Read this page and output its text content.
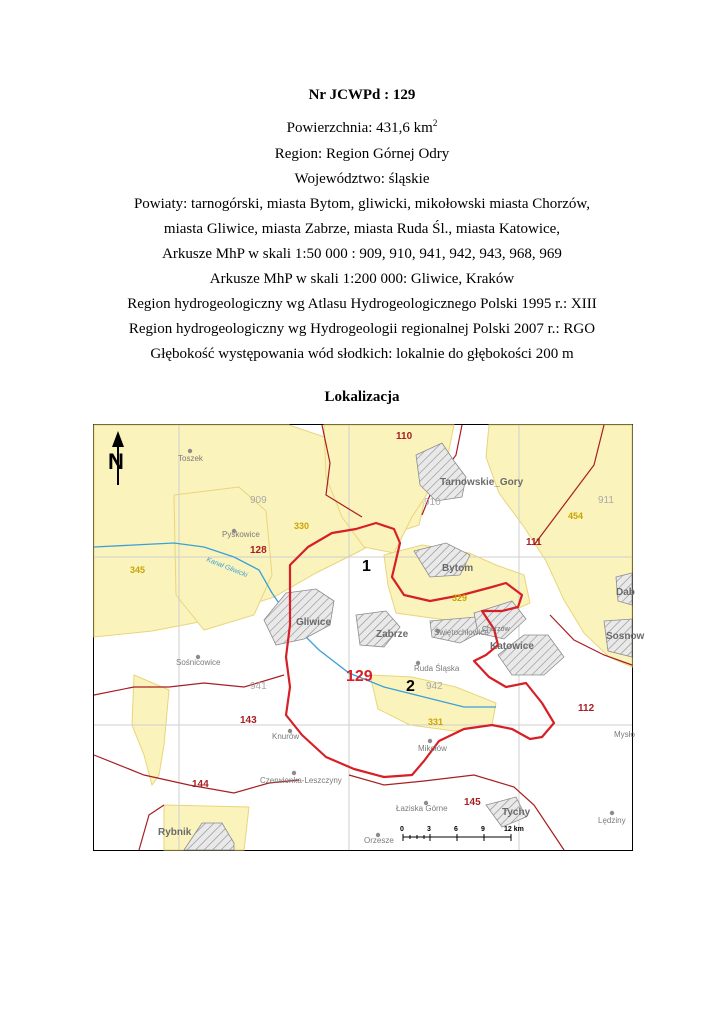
Nr JCWPd : 129
Powierzchnia: 431,6 $km^2$
Region: Region Górnej Odry
Województwo: śląskie
Powiaty: tarnogórski, miasta Bytom, gliwicki, mikołowski miasta Chorzów,
miasta Gliwice, miasta Zabrze, miasta Ruda Śl., miasta Katowice,
Arkusze MhP w skali 1:50 000 : 909, 910, 941, 942, 943, 968, 969
Arkusze MhP w skali 1:200 000: Gliwice, Kraków
Region hydrogeologiczny wg Atlasu Hydrogeologicznego Polski 1995 r.: XIII
Region hydrogeologiczny wg Hydrogeologii regionalnej Polski 2007 r.: RGO
Głębokość występowania wód słodkich: lokalnie do głębokości 200 m
Lokalizacja
N
110
111
112
128
143
144
145
330
345
329
331
454
909	910	911
941	942
129
1
2
Tarnowskie_Gory
Bytom
Gliwice
Zabrze
Katowice
Tychy
Rybnik
Dab
Sosnow
Chorzów
Toszek
Pyskowice
Sośnicowice
Świętochłowice
Ruda Śląska
Knurów
Mikołów
Czerwionka-Leszczyny
Łaziska Górne
Orzesze
Lędziny
Mysło
Kanał Gliwicki
0	3	6	9	12 km
